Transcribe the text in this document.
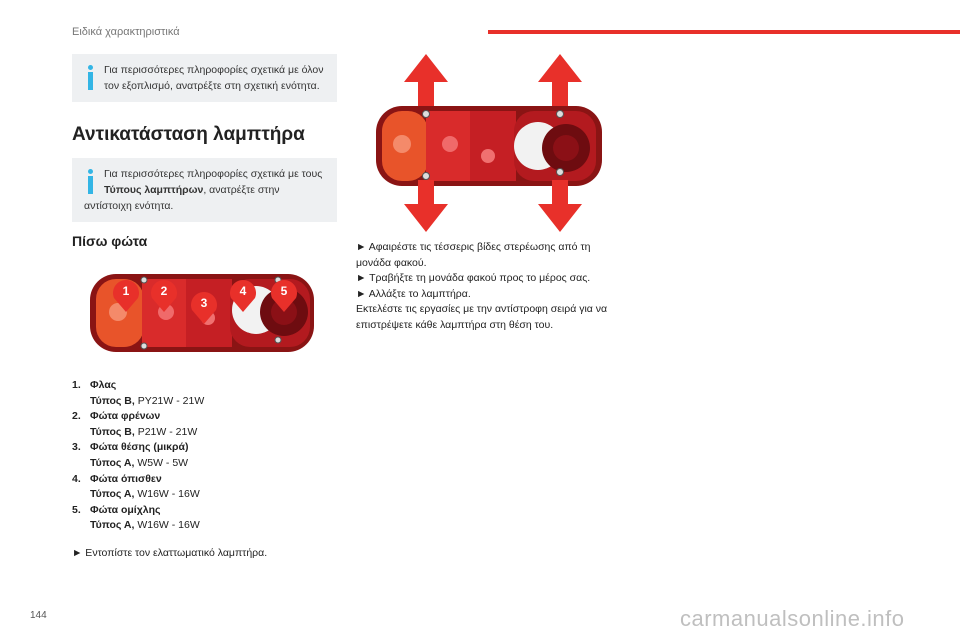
Ειδικά χαρακτηριστικά
Για περισσότερες πληροφορίες σχετικά με όλον τον εξοπλισμό, ανατρέξτε στη σχετική ενότητα.
Αντικατάσταση λαμπτήρα
Για περισσότερες πληροφορίες σχετικά με τους Τύπους λαμπτήρων, ανατρέξτε στην αντίστοιχη ενότητα.
Πίσω φώτα
1	2
3
4	5
1. Φλας
Τύπος Β, PY21W - 21W
2. Φώτα φρένων
Τύπος Β, P21W - 21W
3. Φώτα θέσης (μικρά)
Τύπος Α, W5W - 5W
4. Φώτα όπισθεν
Τύπος Α, W16W - 16W
5. Φώτα ομίχλης
Τύπος Α, W16W - 16W
► Εντοπίστε τον ελαττωματικό λαμπτήρα.
► Αφαιρέστε τις τέσσερις βίδες στερέωσης από τη μονάδα φακού.
► Τραβήξτε τη μονάδα φακού προς το μέρος σας.
► Αλλάξτε το λαμπτήρα.
Εκτελέστε τις εργασίες με την αντίστροφη σειρά για να επιστρέψετε κάθε λαμπτήρα στη θέση του.
144	carmanualsonline.info
